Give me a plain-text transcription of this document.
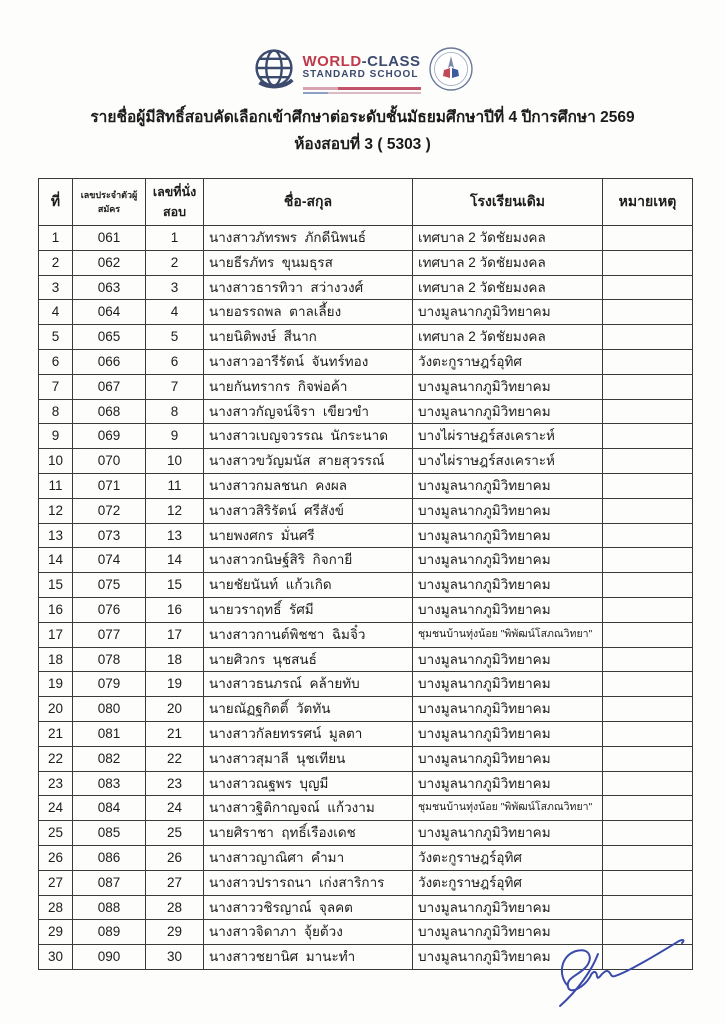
WORLD-CLASS
STANDARD SCHOOL
รายชื่อผู้มีสิทธิ์สอบคัดเลือกเข้าศึกษาต่อระดับชั้นมัธยมศึกษาปีที่ 4 ปีการศึกษา 2569
ห้องสอบที่ 3 ( 5303 )
ที่	เลขประจำตัวผู้สมัคร	เลขที่นั่งสอบ	ชื่อ-สกุล	โรงเรียนเดิม	หมายเหตุ
1	061	1	นางสาวภัทรพร  ภักดีนิพนธ์	เทศบาล 2 วัดชัยมงคล	
2	062	2	นายธีรภัทร  ขุนมธุรส	เทศบาล 2 วัดชัยมงคล	
3	063	3	นางสาวธารทิวา  สว่างวงศ์	เทศบาล 2 วัดชัยมงคล	
4	064	4	นายอรรถพล  ตาลเลี้ยง	บางมูลนากภูมิวิทยาคม	
5	065	5	นายนิติพงษ์  สีนาก	เทศบาล 2 วัดชัยมงคล	
6	066	6	นางสาวอารีรัตน์  จันทร์ทอง	วังตะกูราษฎร์อุทิศ	
7	067	7	นายกันทรากร  กิจพ่อค้า	บางมูลนากภูมิวิทยาคม	
8	068	8	นางสาวกัญจน์จิรา  เขียวขำ	บางมูลนากภูมิวิทยาคม	
9	069	9	นางสาวเบญจวรรณ  นักระนาด	บางไผ่ราษฎร์สงเคราะห์	
10	070	10	นางสาวขวัญมนัส  สายสุวรรณ์	บางไผ่ราษฎร์สงเคราะห์	
11	071	11	นางสาวกมลชนก  คงผล	บางมูลนากภูมิวิทยาคม	
12	072	12	นางสาวสิริรัตน์  ศรีสังข์	บางมูลนากภูมิวิทยาคม	
13	073	13	นายพงศกร  มั่นศรี	บางมูลนากภูมิวิทยาคม	
14	074	14	นางสาวกนิษฐ์สิริ  กิจกายี	บางมูลนากภูมิวิทยาคม	
15	075	15	นายชัยนันท์  แก้วเกิด	บางมูลนากภูมิวิทยาคม	
16	076	16	นายวราฤทธิ์  รัศมี	บางมูลนากภูมิวิทยาคม	
17	077	17	นางสาวกานต์พิชชา  ฉิมจิ๋ว	ชุมชนบ้านทุ่งน้อย "พิพัฒน์โสภณวิทยา"	
18	078	18	นายศิวกร  นุชสนธ์	บางมูลนากภูมิวิทยาคม	
19	079	19	นางสาวธนภรณ์  คล้ายทับ	บางมูลนากภูมิวิทยาคม	
20	080	20	นายณัฏฐกิตติ์  วัตทัน	บางมูลนากภูมิวิทยาคม	
21	081	21	นางสาวกัลยทรรศน์  มูลตา	บางมูลนากภูมิวิทยาคม	
22	082	22	นางสาวสุมาลี  นุชเทียน	บางมูลนากภูมิวิทยาคม	
23	083	23	นางสาวณฐพร  บุญมี	บางมูลนากภูมิวิทยาคม	
24	084	24	นางสาวฐิติกาญจณ์  แก้วงาม	ชุมชนบ้านทุ่งน้อย "พิพัฒน์โสภณวิทยา"	
25	085	25	นายศิราชา  ฤทธิ์เรืองเดช	บางมูลนากภูมิวิทยาคม	
26	086	26	นางสาวญาณิศา  คำมา	วังตะกูราษฎร์อุทิศ	
27	087	27	นางสาวปรารถนา  เก่งสาริการ	วังตะกูราษฎร์อุทิศ	
28	088	28	นางสาววชิรญาณ์  จุลคต	บางมูลนากภูมิวิทยาคม	
29	089	29	นางสาวจิดาภา  จุ้ยต้วง	บางมูลนากภูมิวิทยาคม	
30	090	30	นางสาวชยานิศ  มานะทำ	บางมูลนากภูมิวิทยาคม	
